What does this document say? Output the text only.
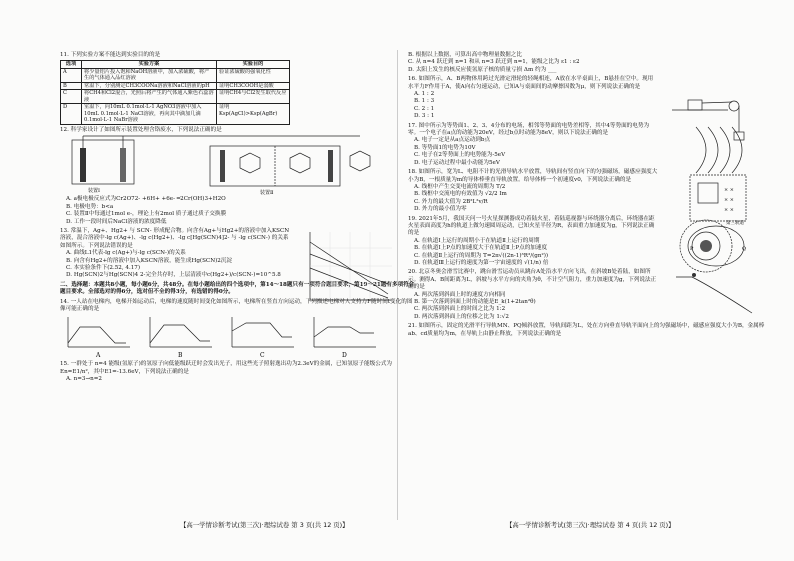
11. 下列实验方案不能达到实验目的的是
选项	实验方案	实验目的
A	将少量铝片投入饱和NaOH溶液中，加入浓硫酸，将产生的气体通入品红溶液	验证浓硫酸的强氧化性
B	常温下，分别测定CH3COONa溶液和NaCl溶液的pH	证明CH3COOH是弱酸
C	将CH4和Cl2混合，光照后将产生的气体通入紫色石蕊溶液	证明CH4与Cl2发生取代反应
D	室温下，向10mL 0.1mol·L-1 AgNO3溶液中加入10mL 0.1mol·L-1 NaCl溶液，再向其中滴加几滴0.1mol·L-1 NaBr溶液	证明Ksp(AgCl)>Ksp(AgBr)
12. 科学家设计了如图所示装置处理含铬废水，下列说法正确的是
装置Ⅰ	装置Ⅱ
A. a极电极反应式为Cr2O72- +6H+ +6e- ═2Cr(OH)3+H2O
B. 电极电势：b<a
C. 装置Ⅱ中每通过1mol e-，理论上有2mol 质子通过质子交换膜
D. 工作一段时间后NaCl溶液的浓度降低
13. 常温下，Ag+、Hg2+ 与 SCN- 形成配合物。向含有Ag+与Hg2+的溶液中加入KSCN溶液，混合溶液中-lg c(Ag+)、-lg c(Hg2+)、-lg c[Hg(SCN)4]2- 与 -lg c(SCN-) 的关系如图所示。下列说法错误的是
A. 曲线L1代表-lg c(Ag+)与-lg c(SCN-)的关系
B. 向含有Hg2+的溶液中加入KSCN溶液，能生成Hg(SCN)2沉淀
C. 本实验条件下(2.52, 4.17)
D. Hg(SCN)2与Hg(SCN)4 2-完全共存时，上层清液中c(Hg2+)/c(SCN-)=10^5.8
二、选择题：本题共8小题，每小题6分，共48分。在每小题给出的四个选项中，第14～18题只有一项符合题目要求，第19～21题有多项符合题目要求。全部选对的得6分，选对但不全的得3分，有选错的得0分。
14. 一人站在电梯内，电梯开始运动后，电梯的速度随时间变化如图所示，电梯所在竖直方向运动，下列描述电梯对人支持力F随时间t变化的图像可能正确的是
A	B	C	D
15. 一群处于 n=4 能级(氢原子)的氢原子向低能级跃迁时会发出光子，用这些光子照射逸出功为2.3eV的金属，已知氢原子能级公式为 En=E1/n²，其中E1=-13.6eV，下列说法正确的是
A. n=3→n=2
【高一学情诊断考试(第三次)·理综试卷 第 3 页(共 12 页)】
B. 根据以上数据，可算出高中物理量数据之比
C. 从 n=4 跃迁到 n=1 和从 n=3 跃迁到 n=1，能级之比为 ε1 : ε2
D. 太阳上发生的核反应使氢原子核的质量亏损 Δm 约为 ___
16. 如图所示，A、B两物体用跨过光滑定滑轮的轻绳相连，A放在水平桌面上，B悬挂在空中。现用水平力F作用于A，使A向右匀速运动，已知A与桌面间的动摩擦因数为μ，则下列说法正确的是
A. 1 : 2
B. 1 : 3
C. 2 : 1
D. 3 : 1
17. 图中所示为等势面1、2、3、4分布的电场，相邻等势面的电势差相等，其中4等势面的电势为零。一个电子在a点的动能为20eV，经过b点时动能为8eV，则以下说法正确的是
A. 电子一定是从a点运动到b点
B. 等势面1的电势为10V
C. 电子在2等势面上的电势能为-5eV
D. 电子运动过程中最小动能为5eV
18. 如图所示，宽为L、电阻不计的光滑导轨水平放置，导轨间有竖直向下的匀强磁场，磁感应强度大小为B，一根质量为m的导体棒垂直导轨放置。给导体棒一个初速度v0，下列说法正确的是
A. 线框中产生交变电流的周期为 T/2
B. 线框中交流电的有效值为 √2/2 Im
C. 外力的最大值为 2B²L²v/R
D. 外力的最小值为零
× ×
× ×
× ×
19. 2021年5月，我国天问一号火星探测器成功着陆火星，着陆巡视器与环绕器分离后，环绕器在距火星表面高度为h的轨道上做匀速圆周运动，已知火星半径为R，表面重力加速度为g，下列说法正确的是
A. 在轨道Ⅰ上运行的周期小于在轨道Ⅱ上运行的周期
B. 在轨道Ⅰ上P点的加速度大于在轨道Ⅱ上P点的加速度
C. 在轨道Ⅱ上运行的周期为 T=2π√((2n-1)³R³/(gn²))
D. 在轨道Ⅲ上运行的速度为第一宇宙速度的 √(1/n) 倍
P	Q
第三轨道
20. 北京冬奥会滑雪比赛中，跳台滑雪运动员从跳台A处沿水平方向飞出，在斜坡B处着陆，如图所示。测得A、B间距离为L，斜坡与水平方向的夹角为θ，不计空气阻力，重力加速度为g，下列说法正确的是
A. 两次落到斜面上时的速度方向相同
B. 第一次落到斜面上时的动能是E_k(1+2tan²θ)
C. 两次落到斜面上的时间之比为 1:2
D. 两次落到斜面上的位移之比为 1:√2
21. 如图所示，固定的光滑平行导轨MN、PQ倾斜放置，导轨间距为L，处在方向垂直导轨平面向上的匀强磁场中，磁感应强度大小为B，金属棒ab、cd质量均为m，在导轨上由静止释放，下列说法正确的是
【高一学情诊断考试(第三次)·理综试卷 第 4 页(共 12 页)】
